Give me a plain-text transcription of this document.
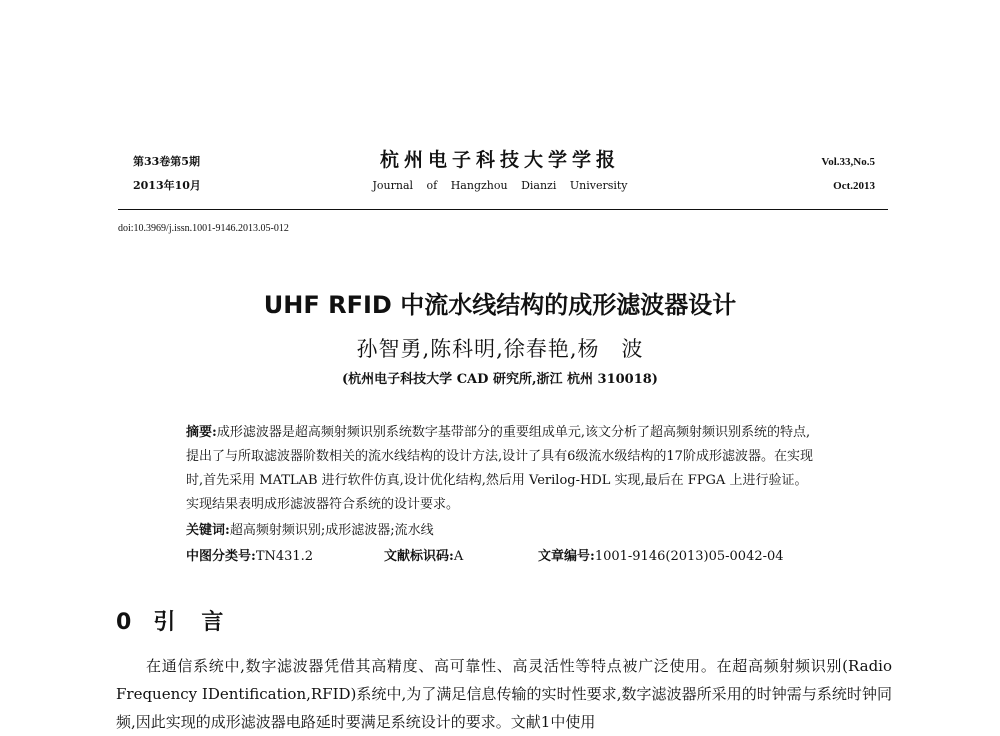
第33卷第5期
2013年10月
杭州电子科技大学学报
Journal of Hangzhou Dianzi University
Vol.33,No.5
Oct.2013
doi:10.3969/j.issn.1001-9146.2013.05-012
UHF RFID 中流水线结构的成形滤波器设计
孙智勇,陈科明,徐春艳,杨　波
(杭州电子科技大学 CAD 研究所,浙江 杭州 310018)
摘要:成形滤波器是超高频射频识别系统数字基带部分的重要组成单元,该文分析了超高频射频识别系统的特点,提出了与所取滤波器阶数相关的流水线结构的设计方法,设计了具有6级流水级结构的17阶成形滤波器。在实现时,首先采用 MATLAB 进行软件仿真,设计优化结构,然后用 Verilog-HDL 实现,最后在 FPGA 上进行验证。实现结果表明成形滤波器符合系统的设计要求。
关键词:超高频射频识别;成形滤波器;流水线
中图分类号:TN431.2	文献标识码:A	文章编号:1001-9146(2013)05-0042-04
0 引言
在通信系统中,数字滤波器凭借其高精度、高可靠性、高灵活性等特点被广泛使用。在超高频射频识别(Radio Frequency IDentification,RFID)系统中,为了满足信息传输的实时性要求,数字滤波器所采用的时钟需与系统时钟同频,因此实现的成形滤波器电路延时要满足系统设计的要求。文献1中使用
